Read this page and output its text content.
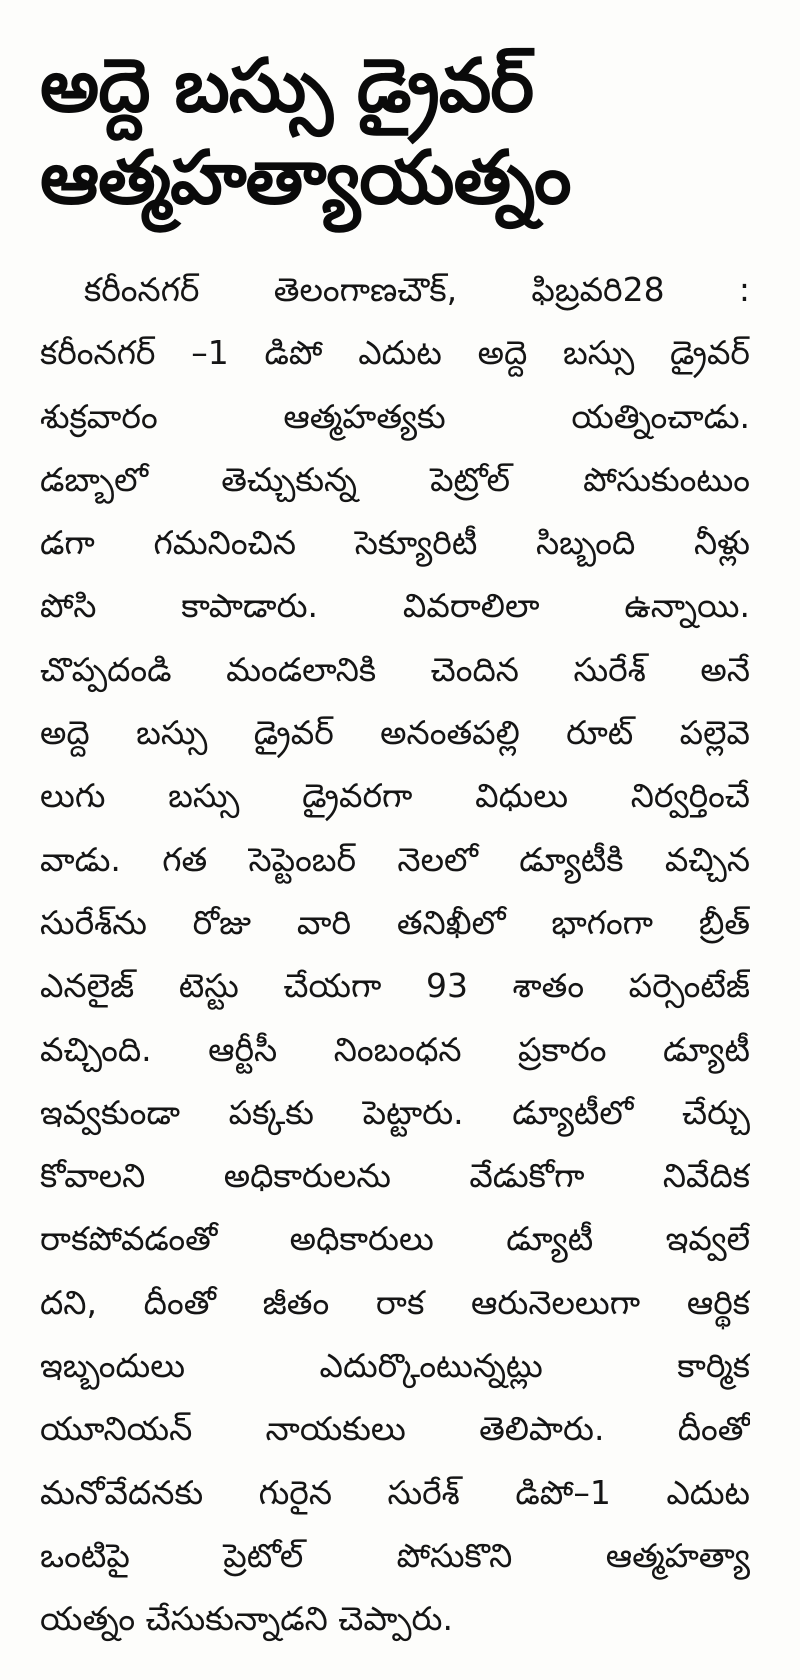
అద్దె బస్సు డ్రైవర్
ఆత్మహత్యాయత్నం
కరీంనగర్ తెలంగాణచౌక్, ఫిబ్రవరి28 :
కరీంనగర్ –1 డిపో ఎదుట అద్దె బస్సు డ్రైవర్
శుక్రవారం ఆత్మహత్యకు యత్నించాడు.
డబ్బాలో తెచ్చుకున్న పెట్రోల్ పోసుకుంటుం
డగా గమనించిన సెక్యూరిటీ సిబ్బంది నీళ్లు
పోసి కాపాడారు. వివరాలిలా ఉన్నాయి.
చొప్పదండి మండలానికి చెందిన సురేశ్ అనే
అద్దె బస్సు డ్రైవర్ అనంతపల్లి రూట్ పల్లెవె
లుగు బస్సు డ్రైవరగా విధులు నిర్వర్తించే
వాడు. గత సెప్టెంబర్ నెలలో డ్యూటీకి వచ్చిన
సురేశ్‌ను రోజు వారి తనిఖీలో భాగంగా బ్రీత్
ఎనలైజ్ టెస్టు చేయగా 93 శాతం పర్సెంటేజ్
వచ్చింది. ఆర్టీసీ నింబంధన ప్రకారం డ్యూటీ
ఇవ్వకుండా పక్కకు పెట్టారు. డ్యూటీలో చేర్చు
కోవాలని అధికారులను వేడుకోగా నివేదిక
రాకపోవడంతో అధికారులు డ్యూటీ ఇవ్వలే
దని, దీంతో జీతం రాక ఆరునెలలుగా ఆర్థిక
ఇబ్బందులు ఎదుర్కొంటున్నట్లు కార్మిక
యూనియన్ నాయకులు తెలిపారు. దీంతో
మనోవేదనకు గురైన సురేశ్ డిపో–1 ఎదుట
ఒంటిపై ప్రెటోల్ పోసుకొని ఆత్మహత్యా
యత్నం చేసుకున్నాడని చెప్పారు.
